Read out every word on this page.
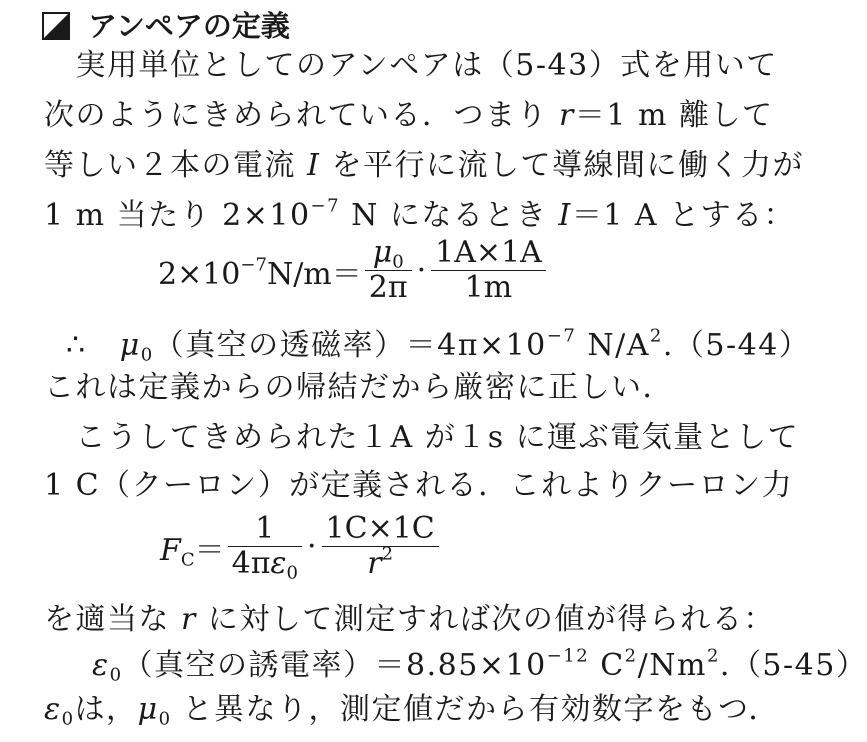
アンペアの定義
　実用単位としてのアンペアは（5-43）式を用いて
次のようにきめられている．つまり r＝1 m 離して
等しい２本の電流 I を平行に流して導線間に働く力が
1 m 当たり $2\times 10^{-7}$ N になるとき I＝1 A とする：
$2\times 10^{-7}N/m= \frac{\mu_0}{2\pi} \cdot \frac{1A\times 1A}{1m}$
∴ $\mu_0$（真空の透磁率）$=4\pi\times 10^{-7}$ $N/A^2.(5-44)$
これは定義からの帰結だから厳密に正しい．
　こうしてきめられた１A が１s に運ぶ電気量として
1 C（クーロン）が定義される．これよりクーロン力
$F_C= \frac{1}{4\pi\varepsilon_0} \cdot \frac{1C\times 1C}{r^2}$
を適当な r に対して測定すれば次の値が得られる：
$\varepsilon_0$（真空の誘電率）$=8.85\times 10^{-12}$ $C^2/Nm^2.(5-45)$
$\varepsilon_0$は，$\mu_0$ と異なり，測定値だから有効数字をもつ．
